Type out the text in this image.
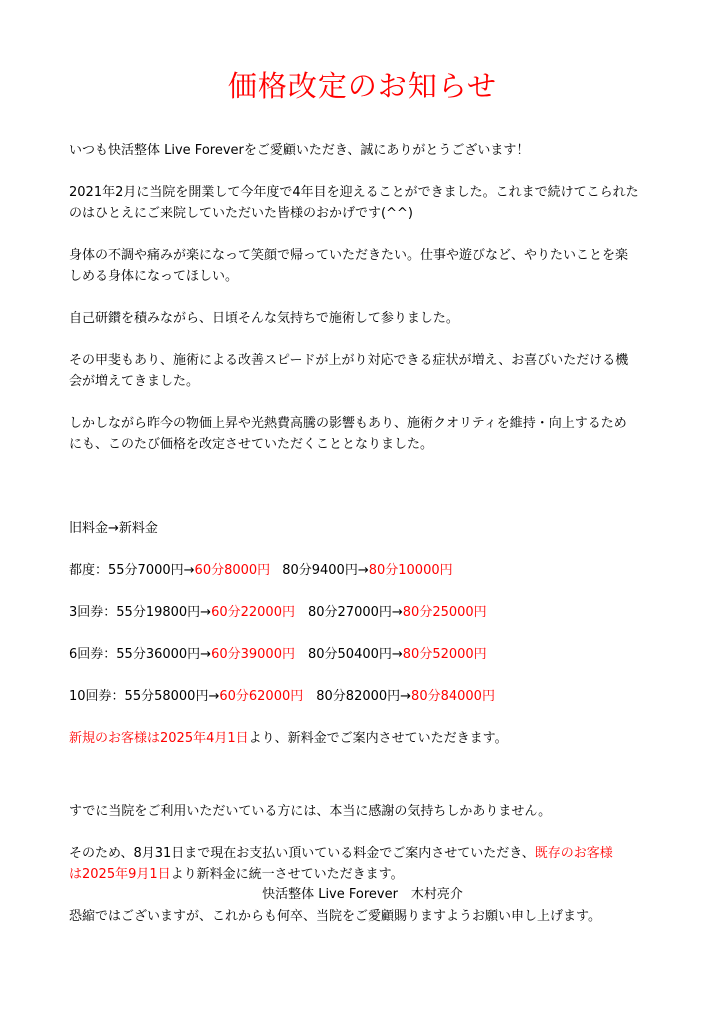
価格改定のお知らせ

いつも快活整体 Live Foreverをご愛顧いただき、誠にありがとうございます！

2021年2月に当院を開業して今年度で4年目を迎えることができました。これまで続けてこられた

のはひとえにご来院していただいた皆様のおかげです(^^)

身体の不調や痛みが楽になって笑顔で帰っていただきたい。仕事や遊びなど、やりたいことを楽

しめる身体になってほしい。

自己研鑚を積みながら、日頃そんな気持ちで施術して参りました。

その甲斐もあり、施術による改善スピードが上がり対応できる症状が増え、お喜びいただける機

会が増えてきました。

しかしながら昨今の物価上昇や光熱費高騰の影響もあり、施術クオリティを維持・向上するため

にも、このたび価格を改定させていただくこととなりました。

旧料金→新料金

都度：55分7000円→60分8000円 80分9400円→80分10000円

3回券：55分19800円→60分22000円 80分27000円→80分25000円

6回券：55分36000円→60分39000円 80分50400円→80分52000円

10回券：55分58000円→60分62000円 80分82000円→80分84000円

新規のお客様は2025年4月1日より、新料金でご案内させていただきます。

すでに当院をご利用いただいている方には、本当に感謝の気持ちしかありません。

そのため、8月31日まで現在お支払い頂いている料金でご案内させていただき、既存のお客様

は2025年9月1日より新料金に統一させていただきます。

恐縮ではございますが、これからも何卒、当院をご愛顧賜りますようお願い申し上げます。

快活整体 Live Forever　木村亮介
